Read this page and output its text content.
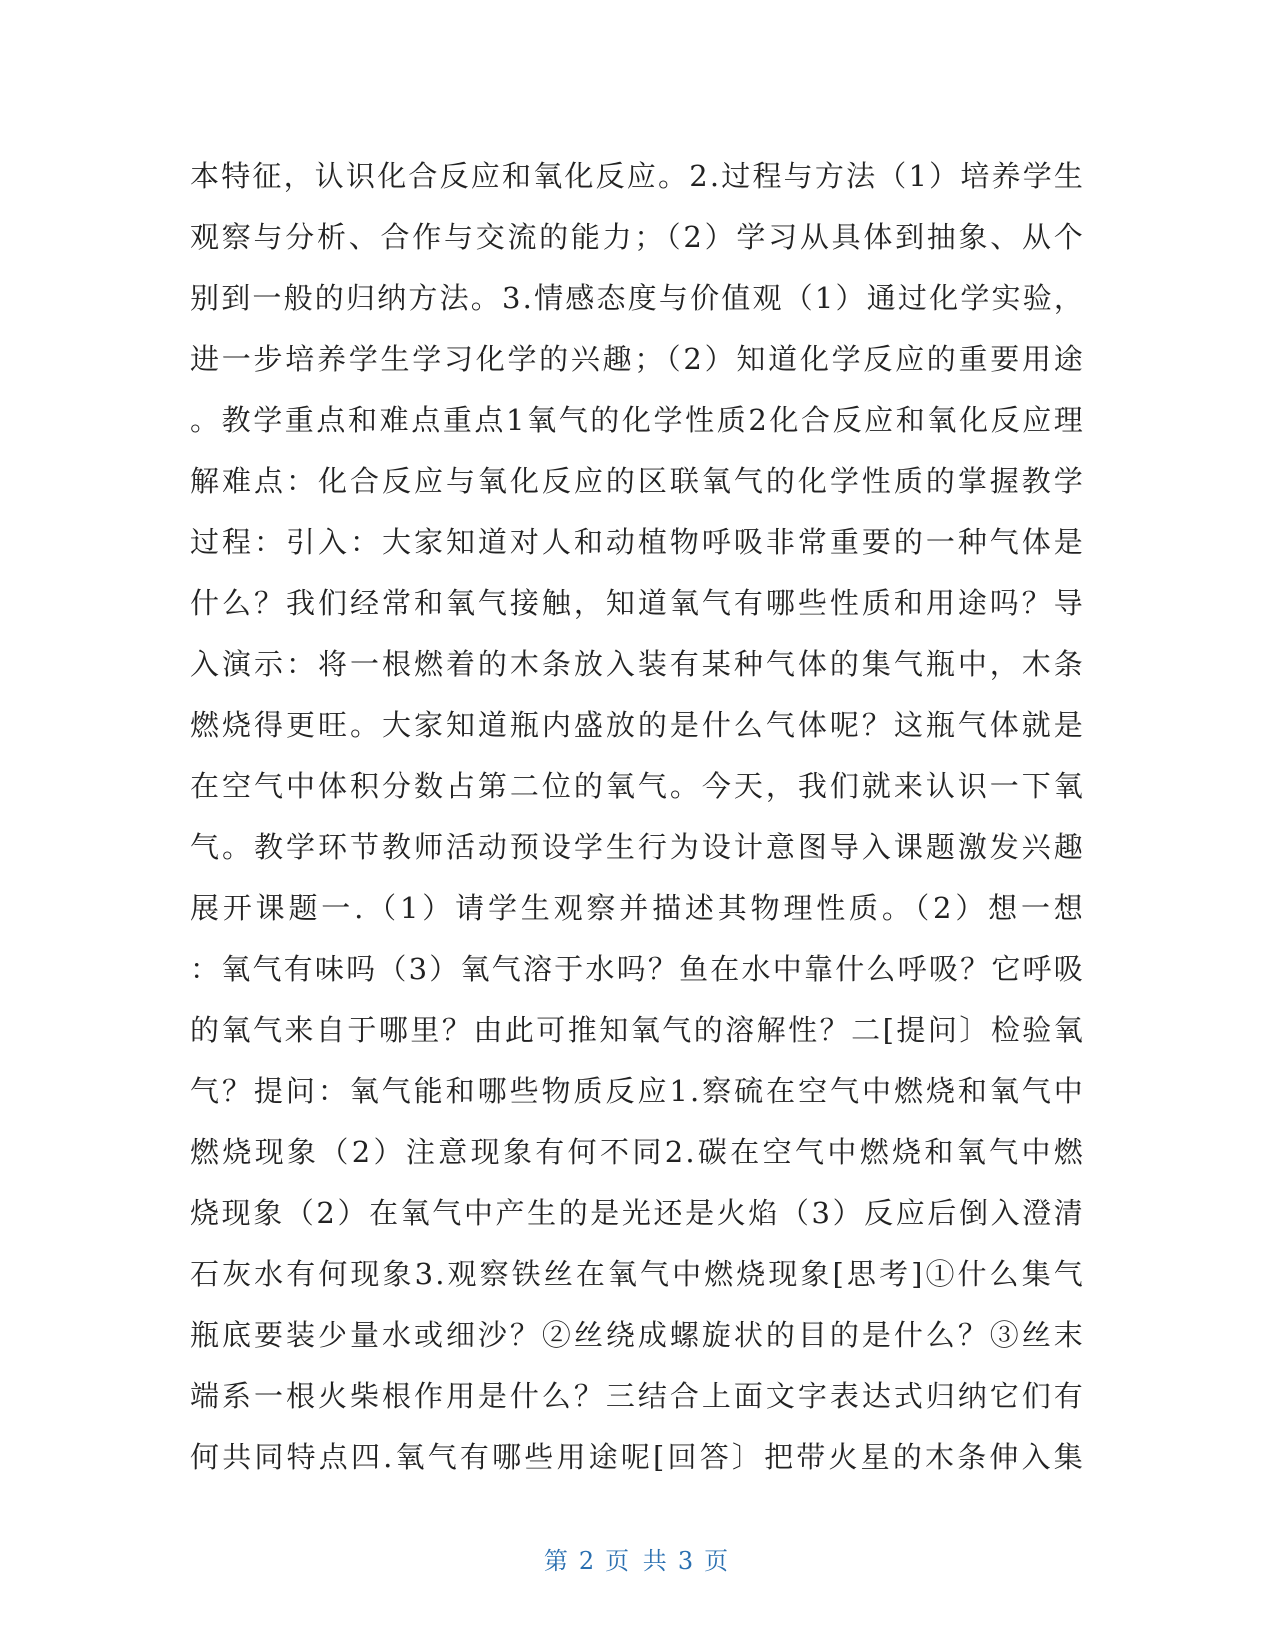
本特征，认识化合反应和氧化反应。2.过程与方法（1）培养学生
观察与分析、合作与交流的能力；（2）学习从具体到抽象、从个
别到一般的归纳方法。3.情感态度与价值观（1）通过化学实验，
进一步培养学生学习化学的兴趣；（2）知道化学反应的重要用途
。教学重点和难点重点1氧气的化学性质2化合反应和氧化反应理
解难点：化合反应与氧化反应的区联氧气的化学性质的掌握教学
过程：引入：大家知道对人和动植物呼吸非常重要的一种气体是
什么？我们经常和氧气接触，知道氧气有哪些性质和用途吗？导
入演示：将一根燃着的木条放入装有某种气体的集气瓶中，木条
燃烧得更旺。大家知道瓶内盛放的是什么气体呢？这瓶气体就是
在空气中体积分数占第二位的氧气。今天，我们就来认识一下氧
气。教学环节教师活动预设学生行为设计意图导入课题激发兴趣
展开课题一.（1）请学生观察并描述其物理性质。（2）想一想
：氧气有味吗（3）氧气溶于水吗？鱼在水中靠什么呼吸？它呼吸
的氧气来自于哪里？由此可推知氧气的溶解性？二[提问〕检验氧
气？提问：氧气能和哪些物质反应1.察硫在空气中燃烧和氧气中
燃烧现象（2）注意现象有何不同2.碳在空气中燃烧和氧气中燃
烧现象（2）在氧气中产生的是光还是火焰（3）反应后倒入澄清
石灰水有何现象3.观察铁丝在氧气中燃烧现象[思考]①什么集气
瓶底要装少量水或细沙？②丝绕成螺旋状的目的是什么？③丝末
端系一根火柴根作用是什么？三结合上面文字表达式归纳它们有
何共同特点四.氧气有哪些用途呢[回答〕把带火星的木条伸入集
第 2 页 共 3 页
